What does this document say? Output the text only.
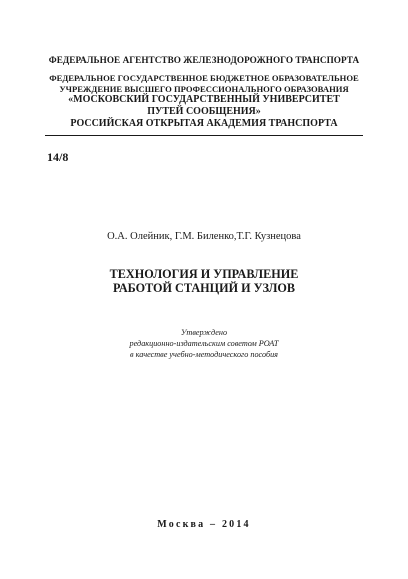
ФЕДЕРАЛЬНОЕ АГЕНТСТВО ЖЕЛЕЗНОДОРОЖНОГО ТРАНСПОРТА
ФЕДЕРАЛЬНОЕ ГОСУДАРСТВЕННОЕ БЮДЖЕТНОЕ ОБРАЗОВАТЕЛЬНОЕ
УЧРЕЖДЕНИЕ ВЫСШЕГО ПРОФЕССИОНАЛЬНОГО ОБРАЗОВАНИЯ
«МОСКОВСКИЙ ГОСУДАРСТВЕННЫЙ УНИВЕРСИТЕТ
ПУТЕЙ СООБЩЕНИЯ»
РОССИЙСКАЯ ОТКРЫТАЯ АКАДЕМИЯ ТРАНСПОРТА
14/8
О.А. Олейник, Г.М. Биленко,Т.Г. Кузнецова
ТЕХНОЛОГИЯ И УПРАВЛЕНИЕ
РАБОТОЙ СТАНЦИЙ И УЗЛОВ
Утверждено
редакционно-издательским советом РОАТ
в качестве учебно-методического пособия
Москва – 2014
